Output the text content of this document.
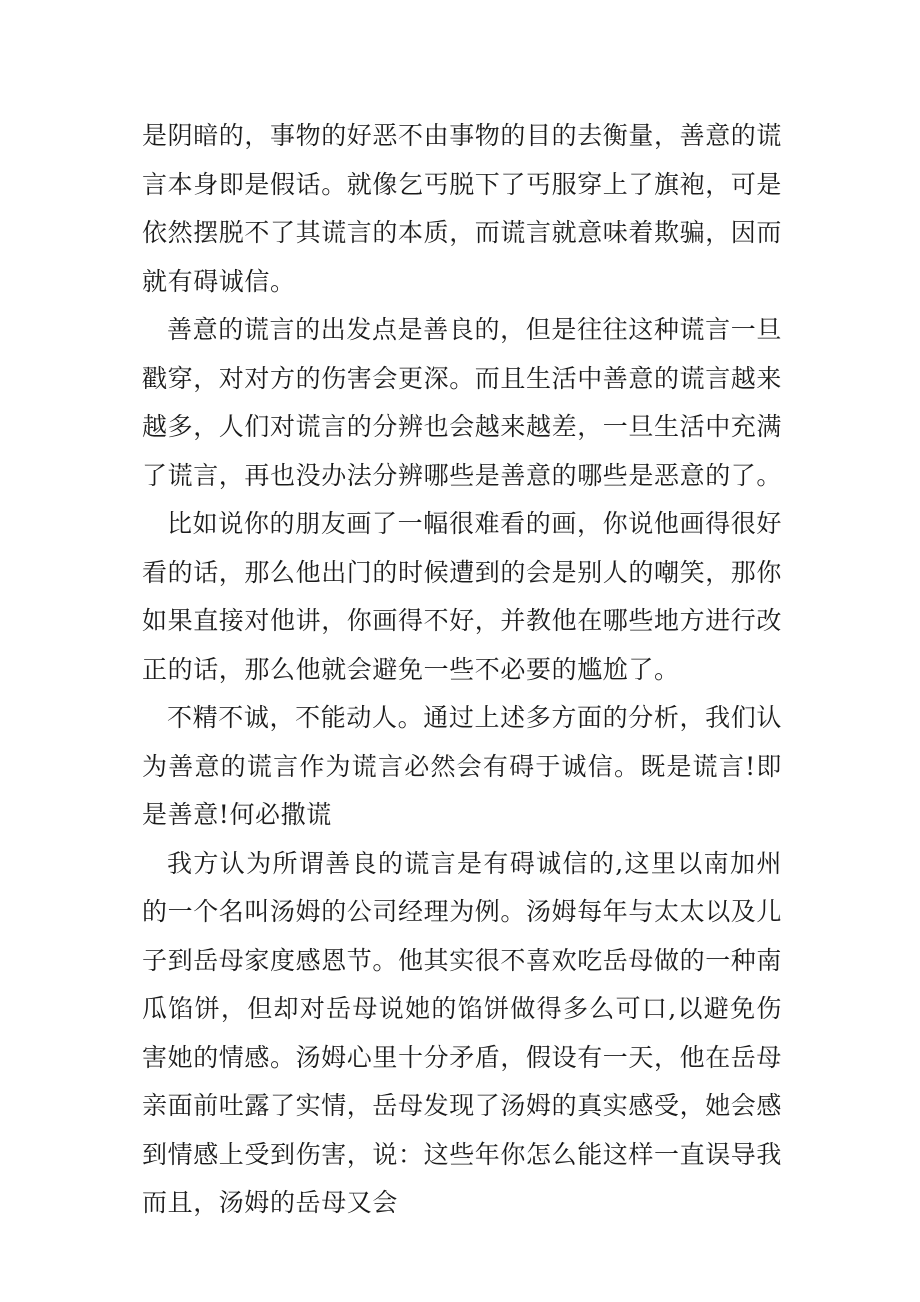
是阴暗的，事物的好恶不由事物的目的去衡量，善意的谎言本身即是假话。就像乞丐脱下了丐服穿上了旗袍，可是依然摆脱不了其谎言的本质，而谎言就意味着欺骗，因而就有碍诚信。

善意的谎言的出发点是善良的，但是往往这种谎言一旦戳穿，对对方的伤害会更深。而且生活中善意的谎言越来越多，人们对谎言的分辨也会越来越差，一旦生活中充满了谎言，再也没办法分辨哪些是善意的哪些是恶意的了。

比如说你的朋友画了一幅很难看的画，你说他画得很好看的话，那么他出门的时候遭到的会是别人的嘲笑，那你如果直接对他讲，你画得不好，并教他在哪些地方进行改正的话，那么他就会避免一些不必要的尴尬了。

不精不诚，不能动人。通过上述多方面的分析，我们认为善意的谎言作为谎言必然会有碍于诚信。既是谎言!即是善意!何必撒谎

我方认为所谓善良的谎言是有碍诚信的,这里以南加州的一个名叫汤姆的公司经理为例。汤姆每年与太太以及儿子到岳母家度感恩节。他其实很不喜欢吃岳母做的一种南瓜馅饼，但却对岳母说她的馅饼做得多么可口,以避免伤害她的情感。汤姆心里十分矛盾，假设有一天，他在岳母亲面前吐露了实情，岳母发现了汤姆的真实感受，她会感到情感上受到伤害，说：这些年你怎么能这样一直误导我而且，汤姆的岳母又会
